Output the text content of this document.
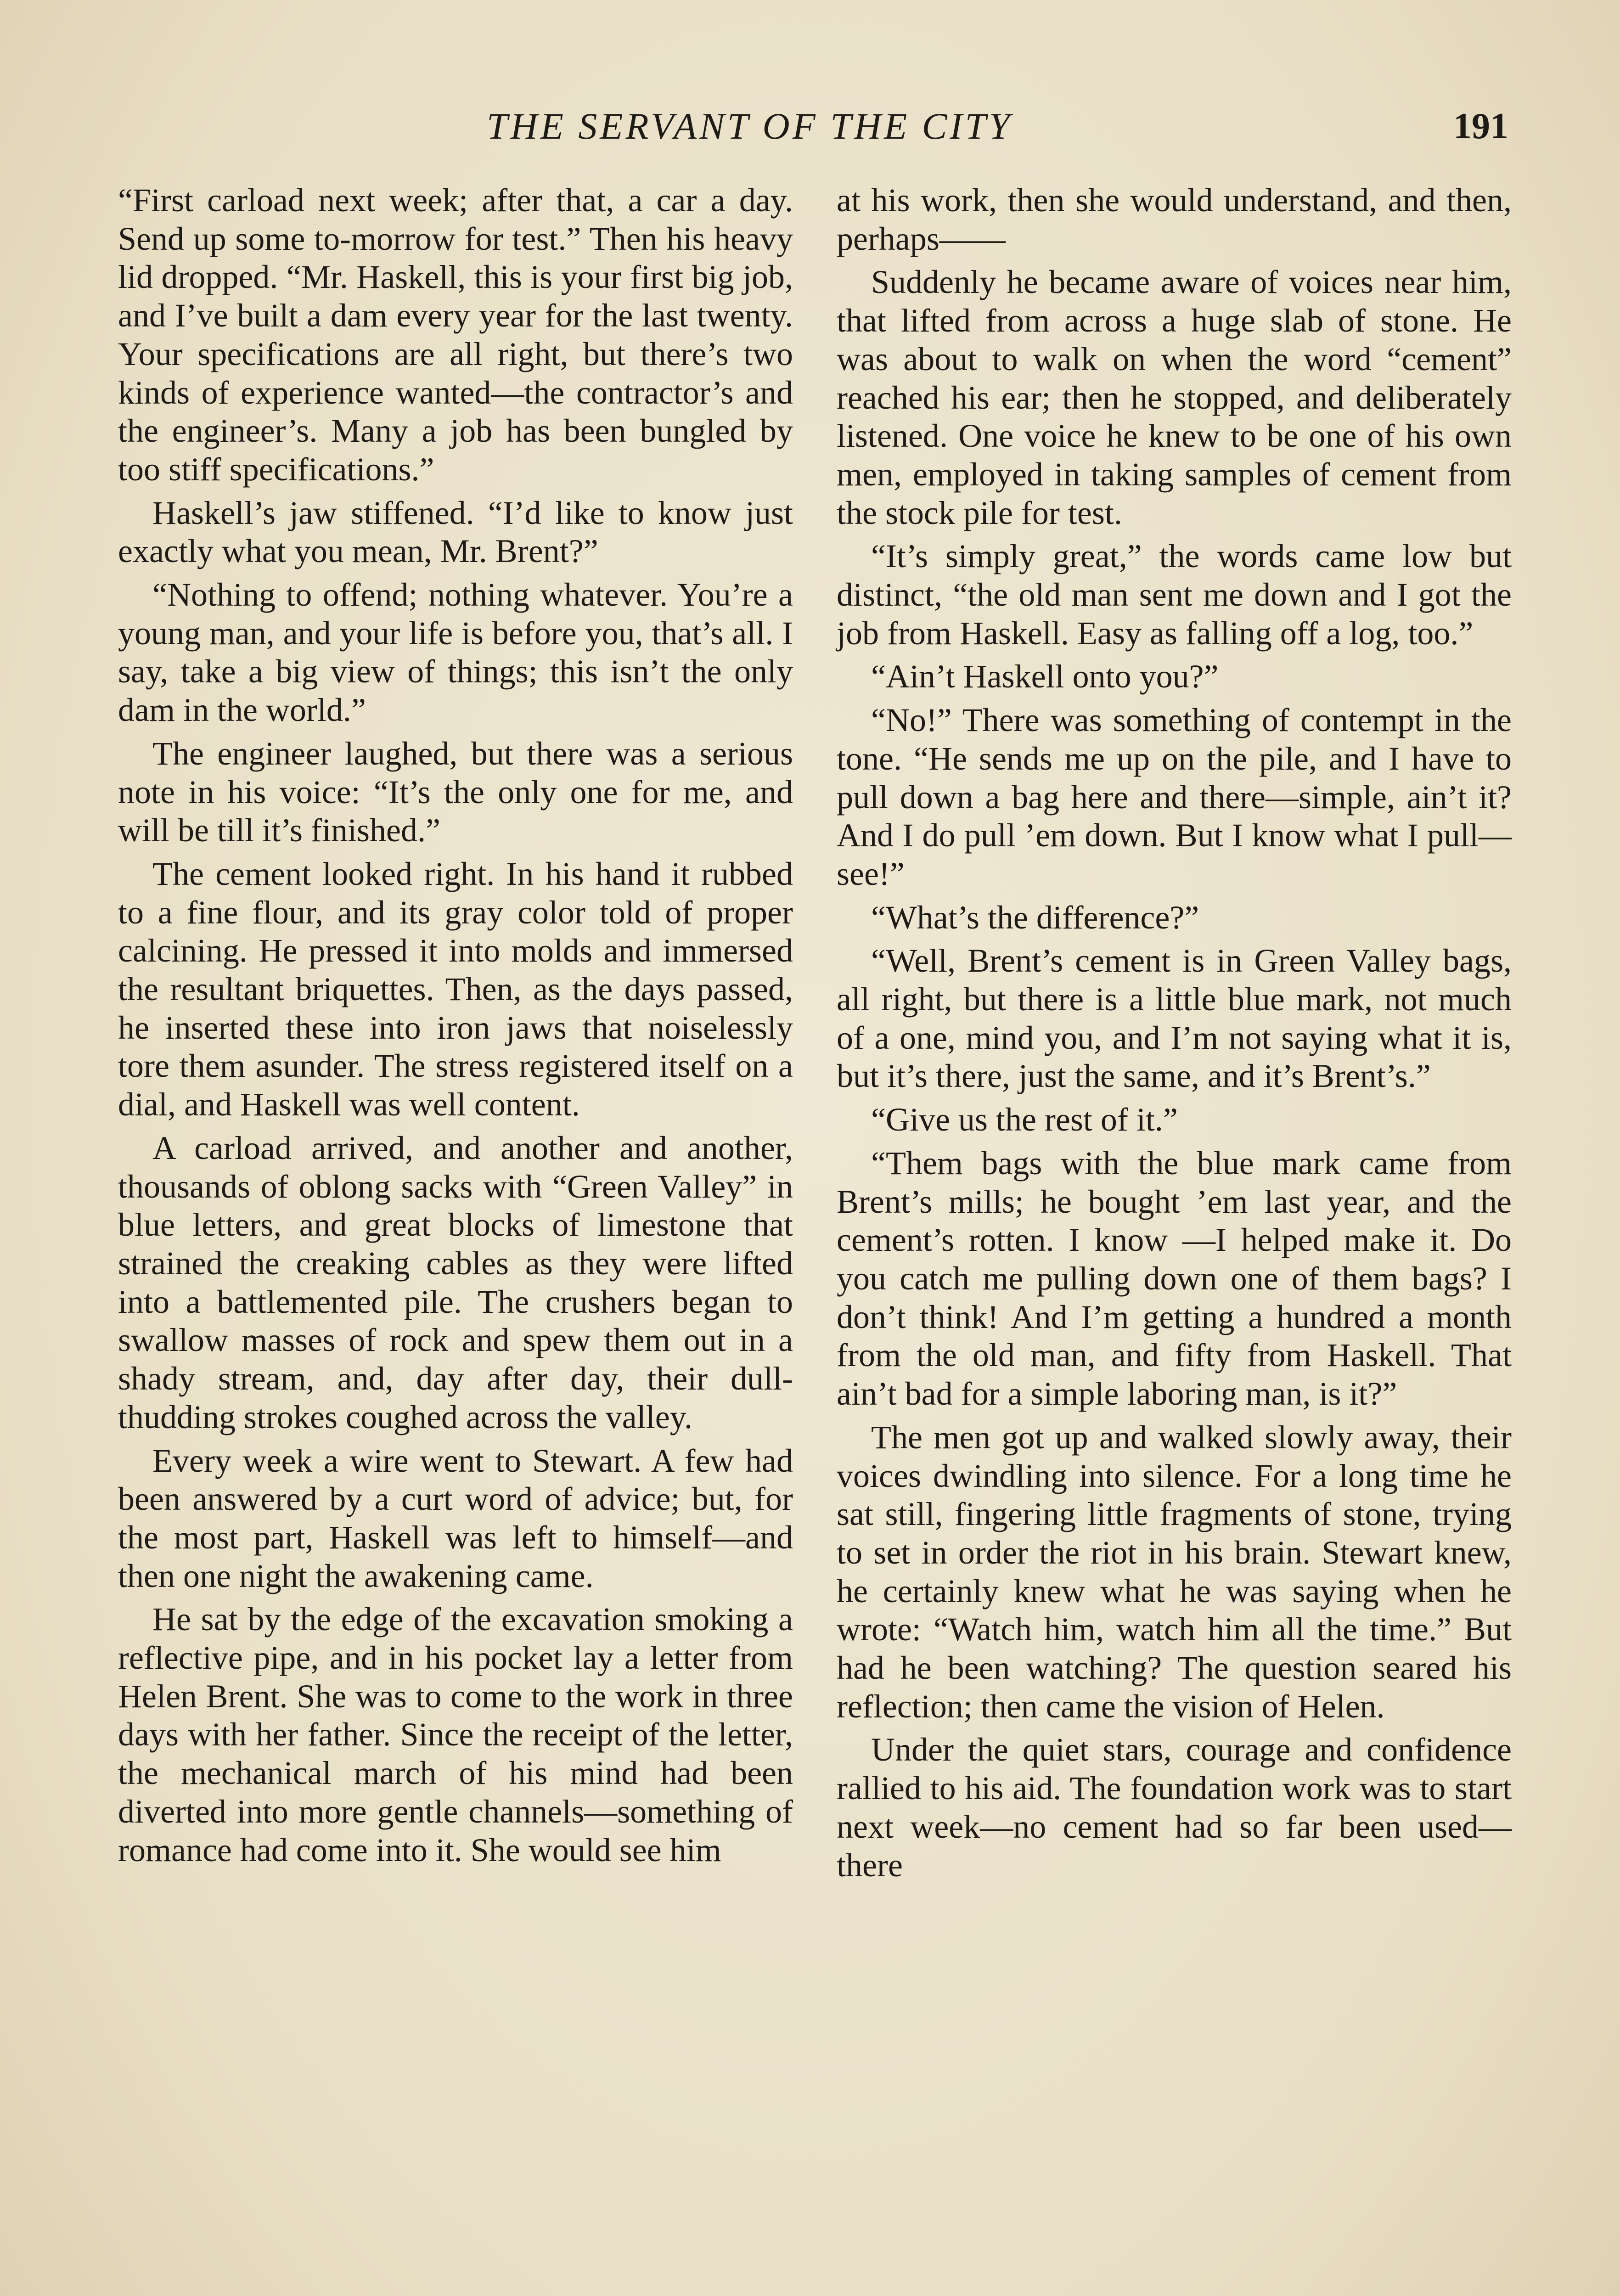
THE SERVANT OF THE CITY	191

“First carload next week; after that, a car a day. Send up some to-morrow for test.” Then his heavy lid dropped. “Mr. Haskell, this is your first big job, and I’ve built a dam every year for the last twenty. Your specifications are all right, but there’s two kinds of experience wanted—the contractor’s and the engineer’s. Many a job has been bungled by too stiff specifications.”

Haskell’s jaw stiffened. “I’d like to know just exactly what you mean, Mr. Brent?”

“Nothing to offend; nothing whatever. You’re a young man, and your life is before you, that’s all. I say, take a big view of things; this isn’t the only dam in the world.”

The engineer laughed, but there was a serious note in his voice: “It’s the only one for me, and will be till it’s finished.”

The cement looked right. In his hand it rubbed to a fine flour, and its gray color told of proper calcining. He pressed it into molds and immersed the resultant briquettes. Then, as the days passed, he inserted these into iron jaws that noiselessly tore them asunder. The stress registered itself on a dial, and Haskell was well content.

A carload arrived, and another and another, thousands of oblong sacks with “Green Valley” in blue letters, and great blocks of limestone that strained the creaking cables as they were lifted into a battlemented pile. The crushers began to swallow masses of rock and spew them out in a shady stream, and, day after day, their dull-thudding strokes coughed across the valley.

Every week a wire went to Stewart. A few had been answered by a curt word of advice; but, for the most part, Haskell was left to himself—and then one night the awakening came.

He sat by the edge of the excavation smoking a reflective pipe, and in his pocket lay a letter from Helen Brent. She was to come to the work in three days with her father. Since the receipt of the letter, the mechanical march of his mind had been diverted into more gentle channels—something of romance had come into it. She would see him

at his work, then she would understand, and then, perhaps——

Suddenly he became aware of voices near him, that lifted from across a huge slab of stone. He was about to walk on when the word “cement” reached his ear; then he stopped, and deliberately listened. One voice he knew to be one of his own men, employed in taking samples of cement from the stock pile for test.

“It’s simply great,” the words came low but distinct, “the old man sent me down and I got the job from Haskell. Easy as falling off a log, too.”

“Ain’t Haskell onto you?”

“No!” There was something of contempt in the tone. “He sends me up on the pile, and I have to pull down a bag here and there—simple, ain’t it? And I do pull ’em down. But I know what I pull—see!”

“What’s the difference?”

“Well, Brent’s cement is in Green Valley bags, all right, but there is a little blue mark, not much of a one, mind you, and I’m not saying what it is, but it’s there, just the same, and it’s Brent’s.”

“Give us the rest of it.”

“Them bags with the blue mark came from Brent’s mills; he bought ’em last year, and the cement’s rotten. I know —I helped make it. Do you catch me pulling down one of them bags? I don’t think! And I’m getting a hundred a month from the old man, and fifty from Haskell. That ain’t bad for a simple laboring man, is it?”

The men got up and walked slowly away, their voices dwindling into silence. For a long time he sat still, fingering little fragments of stone, trying to set in order the riot in his brain. Stewart knew, he certainly knew what he was saying when he wrote: “Watch him, watch him all the time.” But had he been watching? The question seared his reflection; then came the vision of Helen.

Under the quiet stars, courage and confidence rallied to his aid. The foundation work was to start next week—no cement had so far been used—there
